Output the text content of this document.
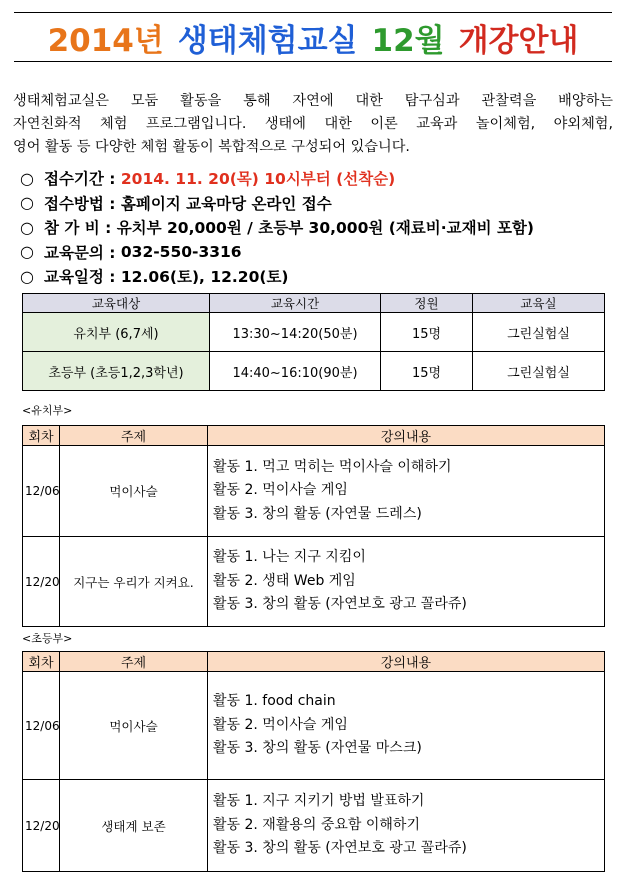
2014년 생태체험교실 12월 개강안내
생태체험교실은 모둠 활동을 통해 자연에 대한 탐구심과 관찰력을 배양하는
자연친화적 체험 프로그램입니다. 생태에 대한 이론 교육과 놀이체험, 야외체험,
영어 활동 등 다양한 체험 활동이 복합적으로 구성되어 있습니다.
○ 접수기간 :
2014. 11. 20(목) 10시부터 (선착순)
○ 접수방법 :
홈페이지 교육마당 온라인 접수
○ 참 가 비 :
유치부 20,000원 / 초등부 30,000원 (재료비·교재비 포함)
○ 교육문의 :
032-550-3316
○ 교육일정 :
12.06(토), 12.20(토)
교육대상	교육시간	정원	교육실
유치부 (6,7세)	13:30~14:20(50분)	15명	그린실험실
초등부 (초등1,2,3학년)	14:40~16:10(90분)	15명	그린실험실
<유치부>
회차	주제	강의내용
12/06	먹이사슬	활동 1. 먹고 먹히는 먹이사슬 이해하기
활동 2. 먹이사슬 게임
활동 3. 창의 활동 (자연물 드레스)

12/20	지구는 우리가 지켜요.	활동 1. 나는 지구 지킴이
활동 2. 생태 Web 게임
활동 3. 창의 활동 (자연보호 광고 꼴라쥬)
<초등부>
회차	주제	강의내용
12/06	먹이사슬	활동 1. food chain
활동 2. 먹이사슬 게임
활동 3. 창의 활동 (자연물 마스크)

12/20	생태계 보존	활동 1. 지구 지키기 방법 발표하기
활동 2. 재활용의 중요함 이해하기
활동 3. 창의 활동 (자연보호 광고 꼴라쥬)
